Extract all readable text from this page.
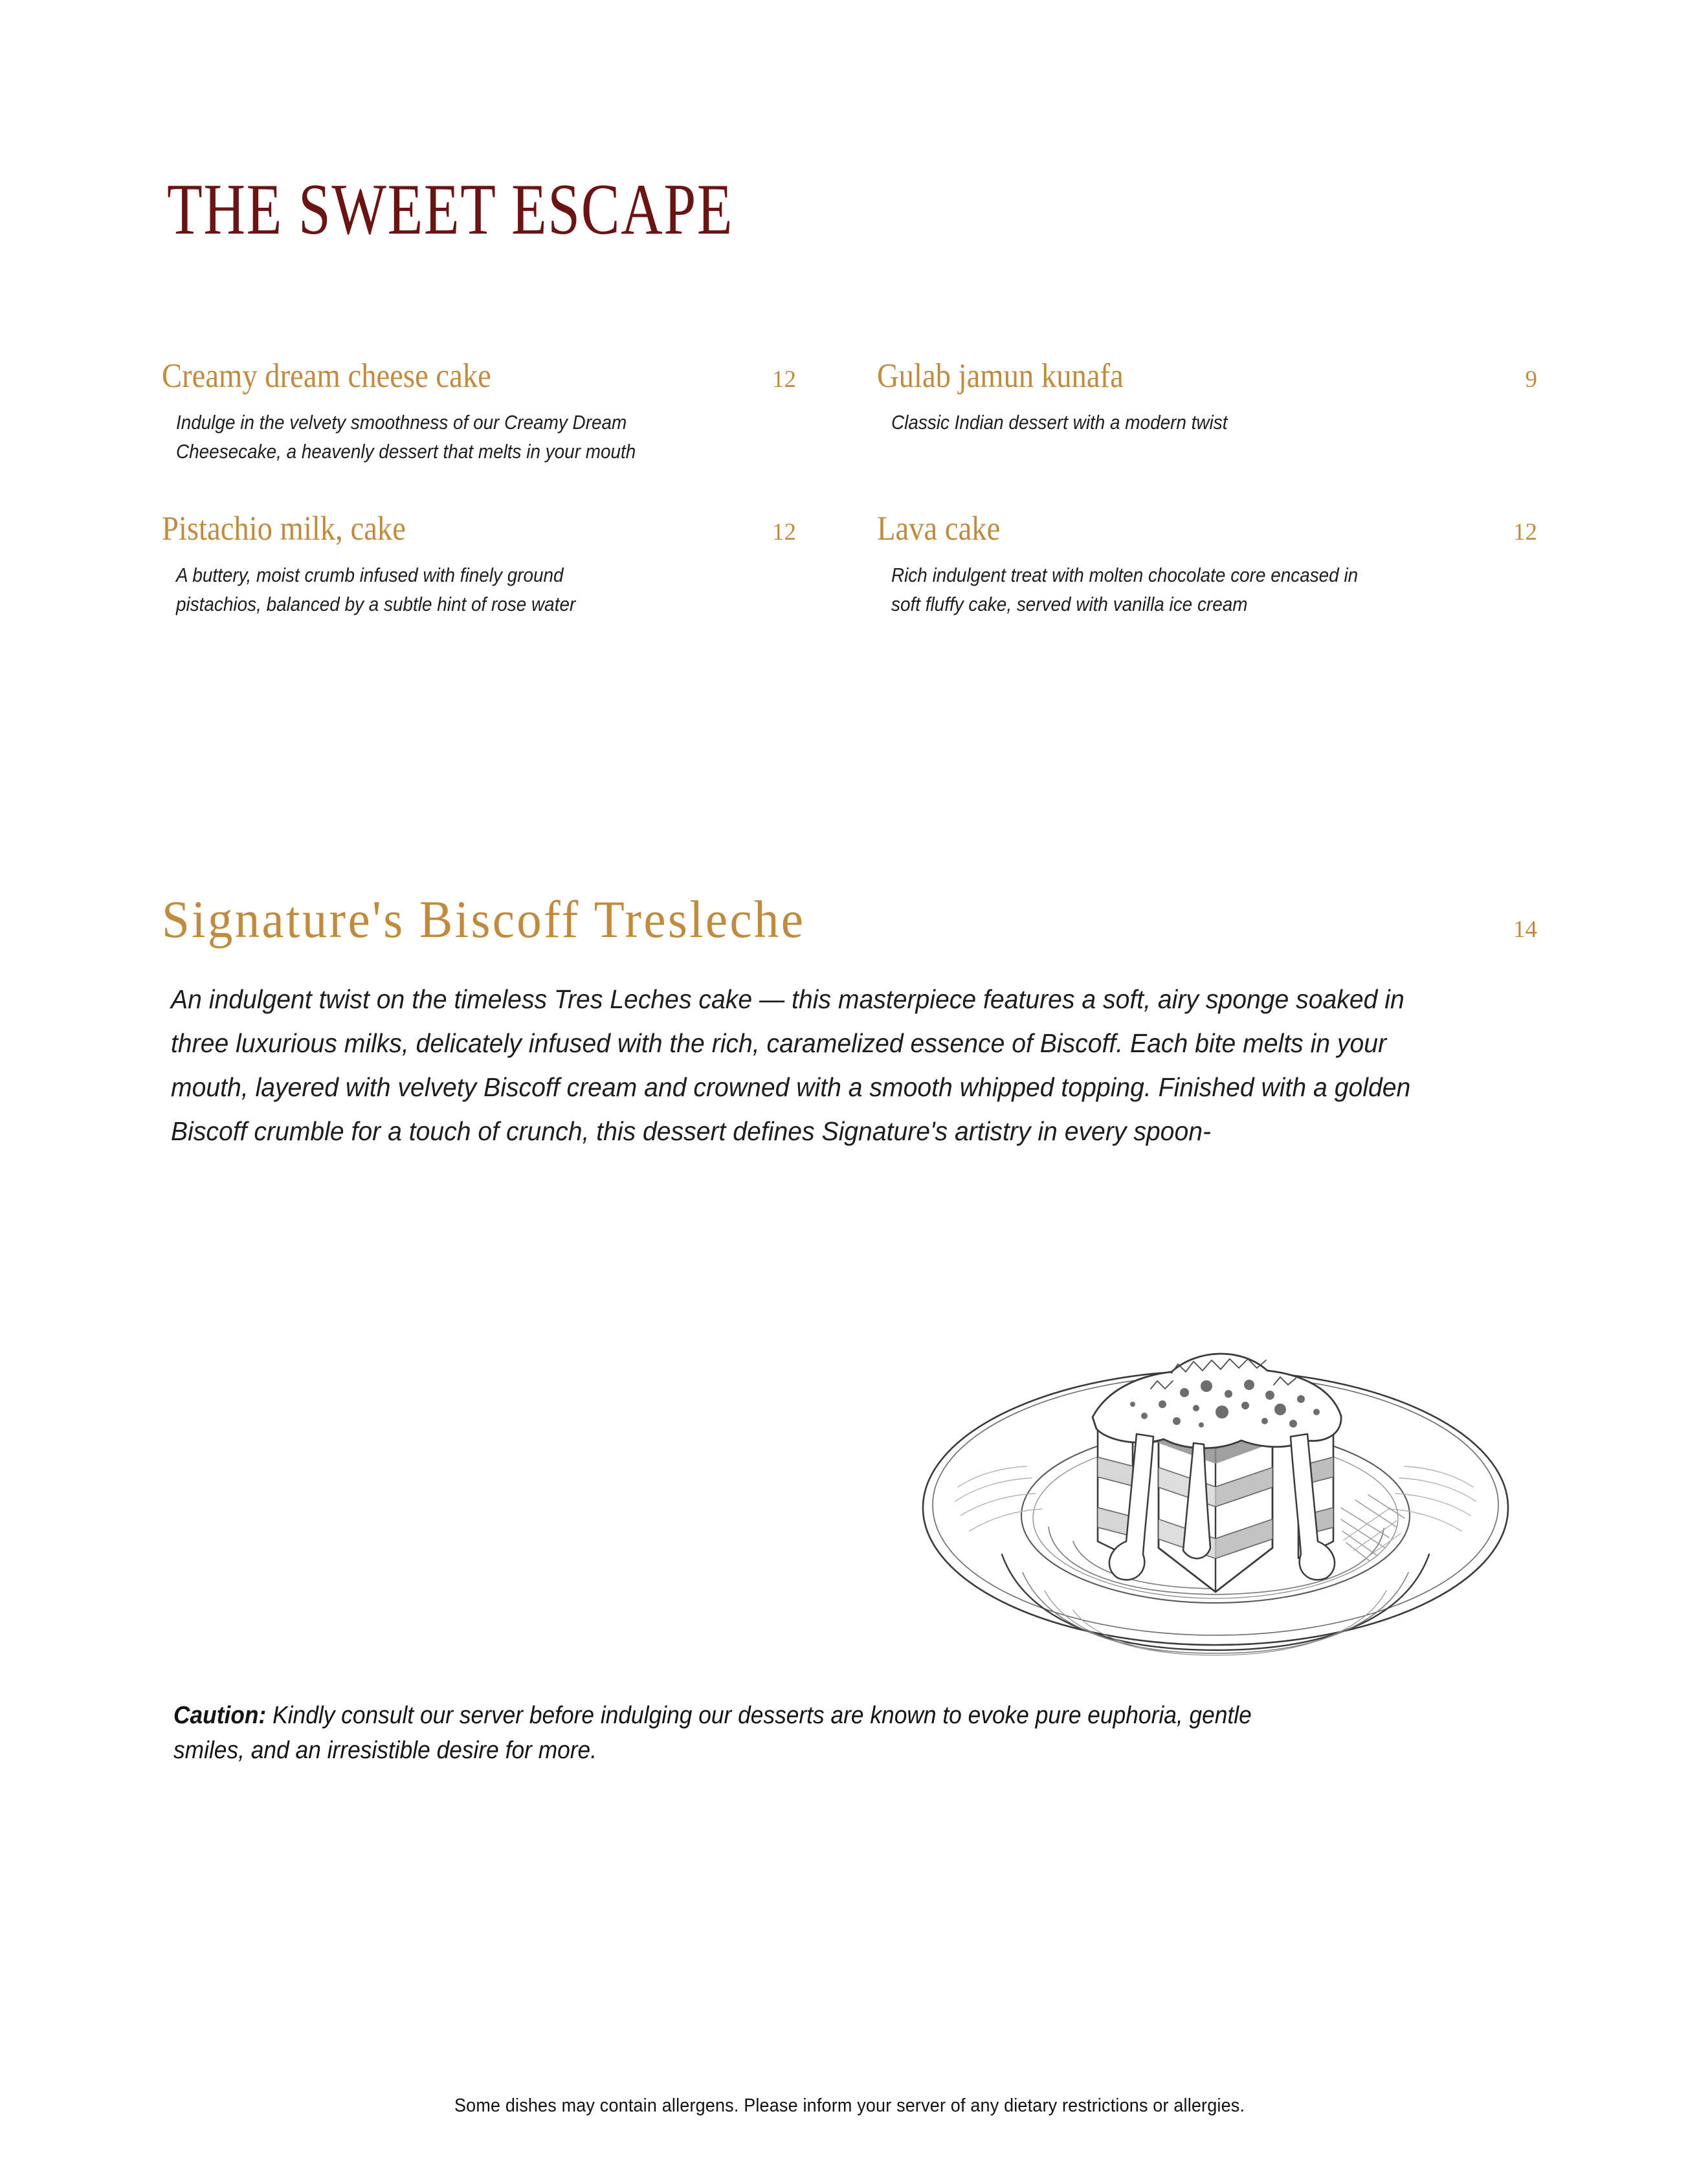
THE SWEET ESCAPE
Creamy dream cheese cake	12
Indulge in the velvety smoothness of our Creamy Dream Cheesecake, a heavenly dessert that melts in your mouth
Gulab jamun kunafa	9
Classic Indian dessert with a modern twist
Pistachio milk, cake	12
A buttery, moist crumb infused with finely ground pistachios, balanced by a subtle hint of rose water
Lava cake	12
Rich indulgent treat with molten chocolate core encased in soft fluffy cake, served with vanilla ice cream
Signature's Biscoff Tresleche	14
An indulgent twist on the timeless Tres Leches cake — this masterpiece features a soft, airy sponge soaked in three luxurious milks, delicately infused with the rich, caramelized essence of Biscoff. Each bite melts in your mouth, layered with velvety Biscoff cream and crowned with a smooth whipped topping. Finished with a golden Biscoff crumble for a touch of crunch, this dessert defines Signature's artistry in every spoon-
Caution: Kindly consult our server before indulging our desserts are known to evoke pure euphoria, gentle smiles, and an irresistible desire for more.
Some dishes may contain allergens. Please inform your server of any dietary restrictions or allergies.
